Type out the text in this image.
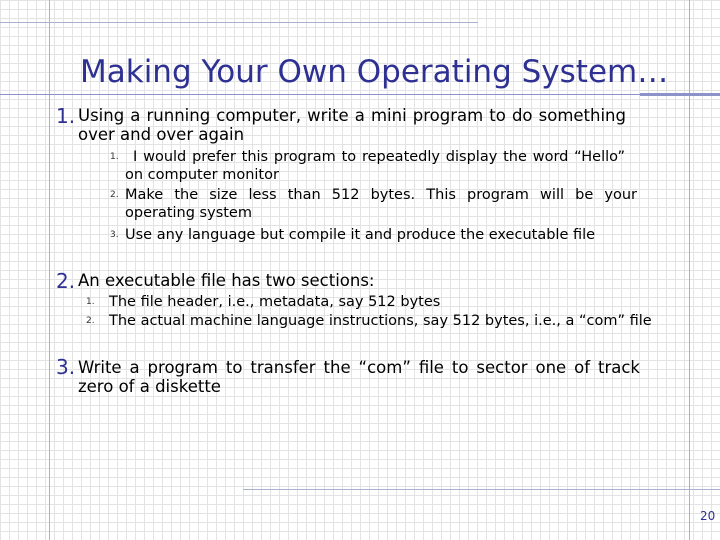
Making Your Own Operating System…
1. Using a running computer, write a mini program to do something over and over again
1. I would prefer this program to repeatedly display the word “Hello” on computer monitor
2. Make the size less than 512 bytes. This program will be your operating system
3. Use any language but compile it and produce the executable file
2. An executable file has two sections:
1. The file header, i.e., metadata, say 512 bytes
2. The actual machine language instructions, say 512 bytes, i.e., a “com” file
3. Write a program to transfer the “com” file to sector one of track zero of a diskette
20
